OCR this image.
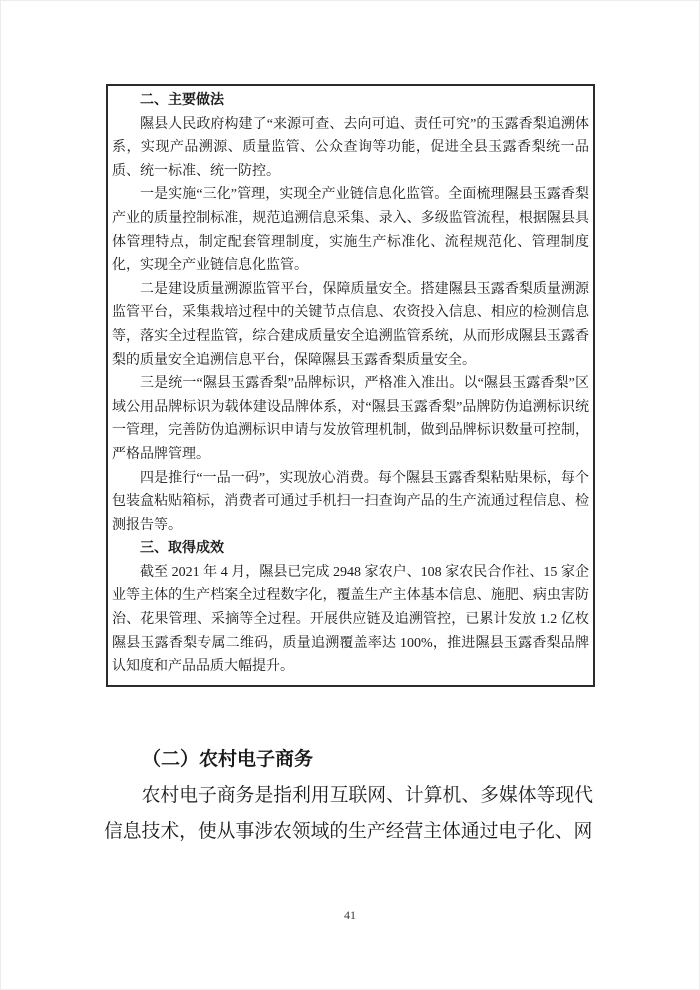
二、主要做法

隰县人民政府构建了“来源可查、去向可追、责任可究”的玉露香梨追溯体系，实现产品溯源、质量监管、公众查询等功能，促进全县玉露香梨统一品质、统一标准、统一防控。

一是实施“三化”管理，实现全产业链信息化监管。全面梳理隰县玉露香梨产业的质量控制标准，规范追溯信息采集、录入、多级监管流程，根据隰县具体管理特点，制定配套管理制度，实施生产标准化、流程规范化、管理制度化，实现全产业链信息化监管。

二是建设质量溯源监管平台，保障质量安全。搭建隰县玉露香梨质量溯源监管平台，采集栽培过程中的关键节点信息、农资投入信息、相应的检测信息等，落实全过程监管，综合建成质量安全追溯监管系统，从而形成隰县玉露香梨的质量安全追溯信息平台，保障隰县玉露香梨质量安全。

三是统一“隰县玉露香梨”品牌标识，严格准入准出。以“隰县玉露香梨”区域公用品牌标识为载体建设品牌体系，对“隰县玉露香梨”品牌防伪追溯标识统一管理，完善防伪追溯标识申请与发放管理机制，做到品牌标识数量可控制，严格品牌管理。

四是推行“一品一码”，实现放心消费。每个隰县玉露香梨粘贴果标，每个包装盒粘贴箱标，消费者可通过手机扫一扫查询产品的生产流通过程信息、检测报告等。

三、取得成效

截至 2021 年 4 月，隰县已完成 2948 家农户、108 家农民合作社、15 家企业等主体的生产档案全过程数字化，覆盖生产主体基本信息、施肥、病虫害防治、花果管理、采摘等全过程。开展供应链及追溯管控，已累计发放 1.2 亿枚隰县玉露香梨专属二维码，质量追溯覆盖率达 100%，推进隰县玉露香梨品牌认知度和产品品质大幅提升。

（二）农村电子商务

农村电子商务是指利用互联网、计算机、多媒体等现代信息技术，使从事涉农领域的生产经营主体通过电子化、网

41
